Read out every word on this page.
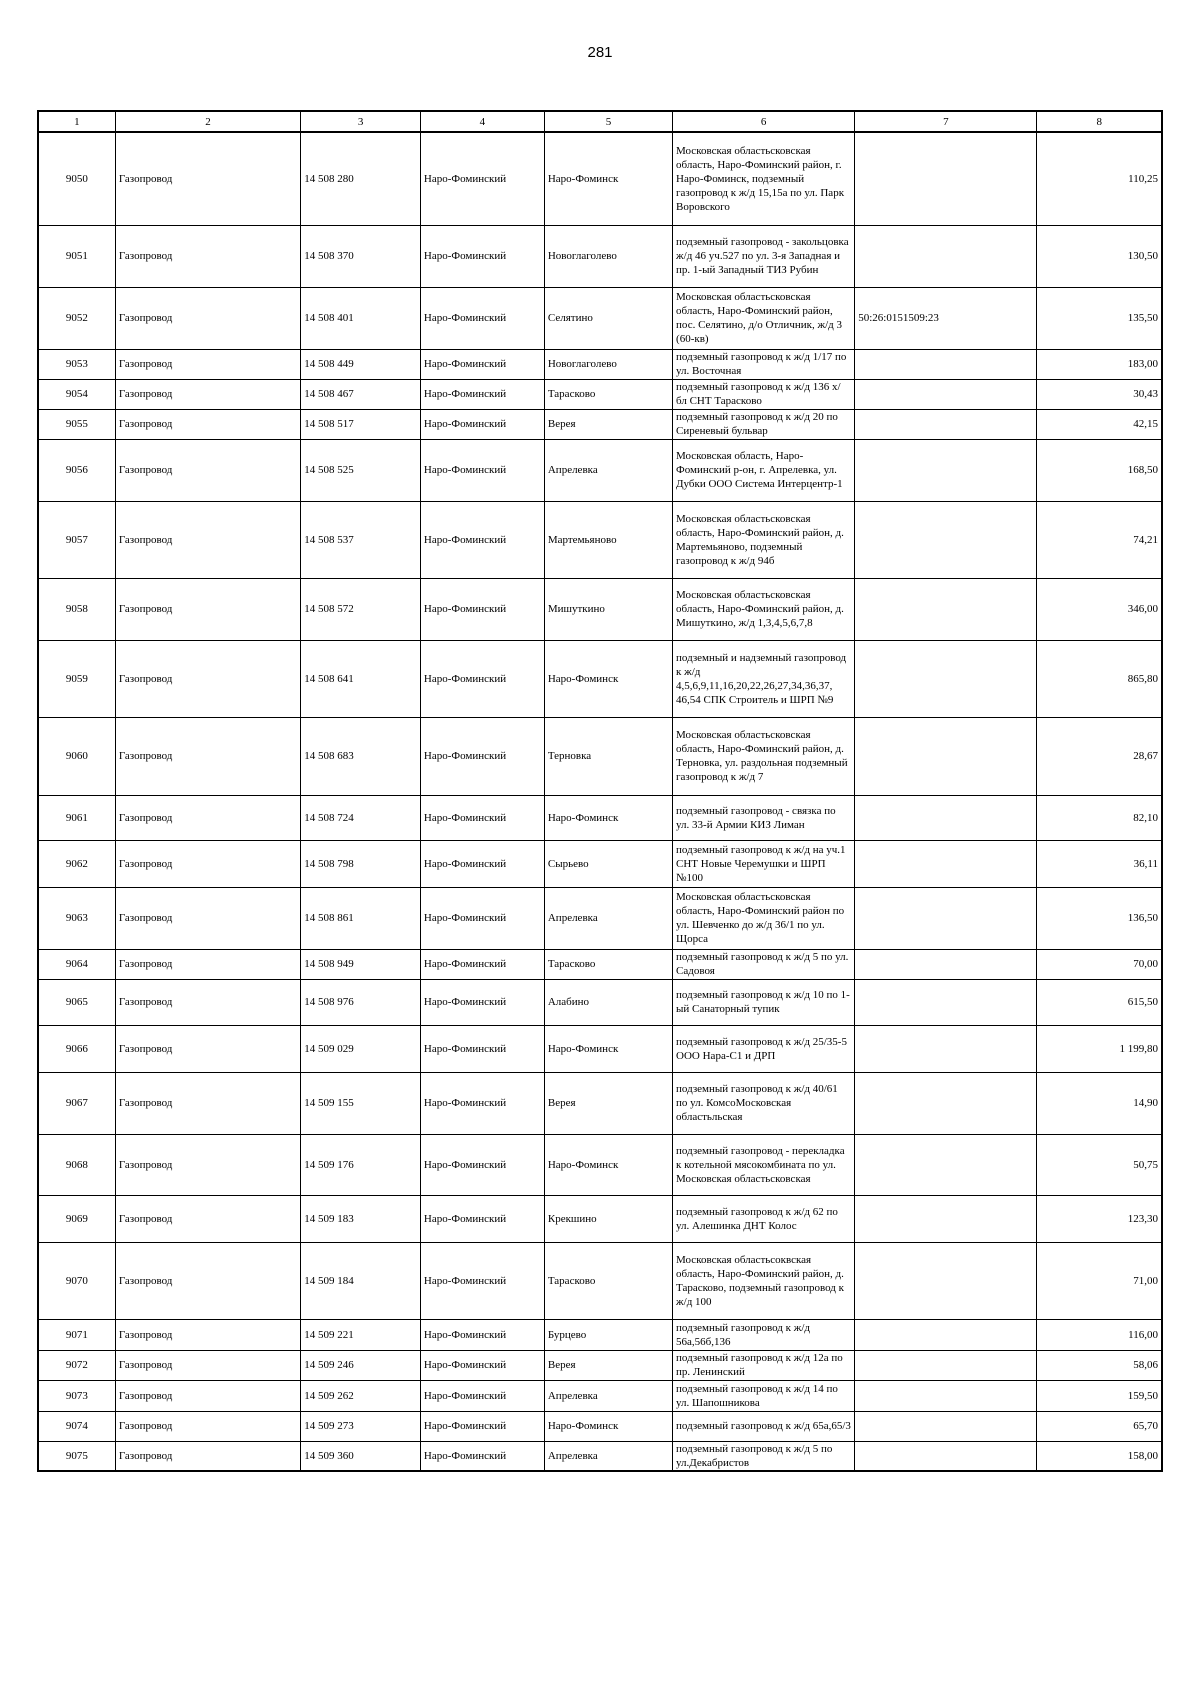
281
1	2	3	4	5	6	7	8
9050	Газопровод	14 508 280	Наро-Фоминский	Наро-Фоминск	Московская областьсковская область, Наро-Фоминский район, г. Наро-Фоминск, подземный газопровод к ж/д 15,15а по ул. Парк Воровского		110,25
9051	Газопровод	14 508 370	Наро-Фоминский	Новоглаголево	подземный газопровод - закольцовка ж/д 46 уч.527 по ул. 3-я Западная и пр. 1-ый Западный ТИЗ Рубин		130,50
9052	Газопровод	14 508 401	Наро-Фоминский	Селятино	Московская областьсковская область, Наро-Фоминский район, пос. Селятино, д/о Отличник, ж/д 3 (60-кв)	50:26:0151509:23	135,50
9053	Газопровод	14 508 449	Наро-Фоминский	Новоглаголево	подземный газопровод к ж/д 1/17 по ул. Восточная		183,00
9054	Газопровод	14 508 467	Наро-Фоминский	Тарасково	подземный газопровод к ж/д 136 х/бл СНТ Тарасково		30,43
9055	Газопровод	14 508 517	Наро-Фоминский	Верея	подземный газопровод к ж/д 20 по Сиреневый бульвар		42,15
9056	Газопровод	14 508 525	Наро-Фоминский	Апрелевка	Московская область, Наро-Фоминский р-он, г. Апрелевка, ул. Дубки ООО Система Интерцентр-1		168,50
9057	Газопровод	14 508 537	Наро-Фоминский	Мартемьяново	Московская областьсковская область, Наро-Фоминский район, д. Мартемьяново, подземный газопровод к ж/д 94б		74,21
9058	Газопровод	14 508 572	Наро-Фоминский	Мишуткино	Московская областьсковская область, Наро-Фоминский район, д. Мишуткино, ж/д 1,3,4,5,6,7,8		346,00
9059	Газопровод	14 508 641	Наро-Фоминский	Наро-Фоминск	подземный и надземный газопровод к ж/д 4,5,6,9,11,16,20,22,26,27,34,36,37, 46,54 СПК Строитель и ШРП №9		865,80
9060	Газопровод	14 508 683	Наро-Фоминский	Терновка	Московская областьсковская область, Наро-Фоминский район, д. Терновка, ул. раздольная подземный газопровод к ж/д 7		28,67
9061	Газопровод	14 508 724	Наро-Фоминский	Наро-Фоминск	подземный газопровод - связка по ул. 33-й Армии КИЗ Лиман		82,10
9062	Газопровод	14 508 798	Наро-Фоминский	Сырьево	подземный газопровод к ж/д на уч.1 СНТ Новые Черемушки и ШРП №100		36,11
9063	Газопровод	14 508 861	Наро-Фоминский	Апрелевка	Московская областьсковская область, Наро-Фоминский район по ул. Шевченко до ж/д 36/1 по ул. Щорса		136,50
9064	Газопровод	14 508 949	Наро-Фоминский	Тарасково	подземный газопровод к ж/д 5 по ул. Садовоя		70,00
9065	Газопровод	14 508 976	Наро-Фоминский	Алабино	подземный газопровод к ж/д 10 по 1-ый Санаторный тупик		615,50
9066	Газопровод	14 509 029	Наро-Фоминский	Наро-Фоминск	подземный газопровод к ж/д 25/35-5 ООО Нара-С1 и ДРП		1 199,80
9067	Газопровод	14 509 155	Наро-Фоминский	Верея	подземный газопровод к ж/д 40/61 по ул. КомсоМосковская областьльская		14,90
9068	Газопровод	14 509 176	Наро-Фоминский	Наро-Фоминск	подземный газопровод - перекладка к котельной мясокомбината по ул. Московская областьсковская		50,75
9069	Газопровод	14 509 183	Наро-Фоминский	Крекшино	подземный газопровод к ж/д 62 по ул. Алешинка ДНТ Колос		123,30
9070	Газопровод	14 509 184	Наро-Фоминский	Тарасково	Московская областьсоквская область, Наро-Фоминский район, д. Тарасково, подземный газопровод к ж/д 100		71,00
9071	Газопровод	14 509 221	Наро-Фоминский	Бурцево	подземный газопровод к ж/д 56а,56б,136		116,00
9072	Газопровод	14 509 246	Наро-Фоминский	Верея	подземный газопровод к ж/д 12а по пр. Ленинский		58,06
9073	Газопровод	14 509 262	Наро-Фоминский	Апрелевка	подземный газопровод к ж/д 14 по ул. Шапошникова		159,50
9074	Газопровод	14 509 273	Наро-Фоминский	Наро-Фоминск	подземный газопровод к ж/д 65а,65/3		65,70
9075	Газопровод	14 509 360	Наро-Фоминский	Апрелевка	подземный газопровод к ж/д 5 по ул.Декабристов		158,00
